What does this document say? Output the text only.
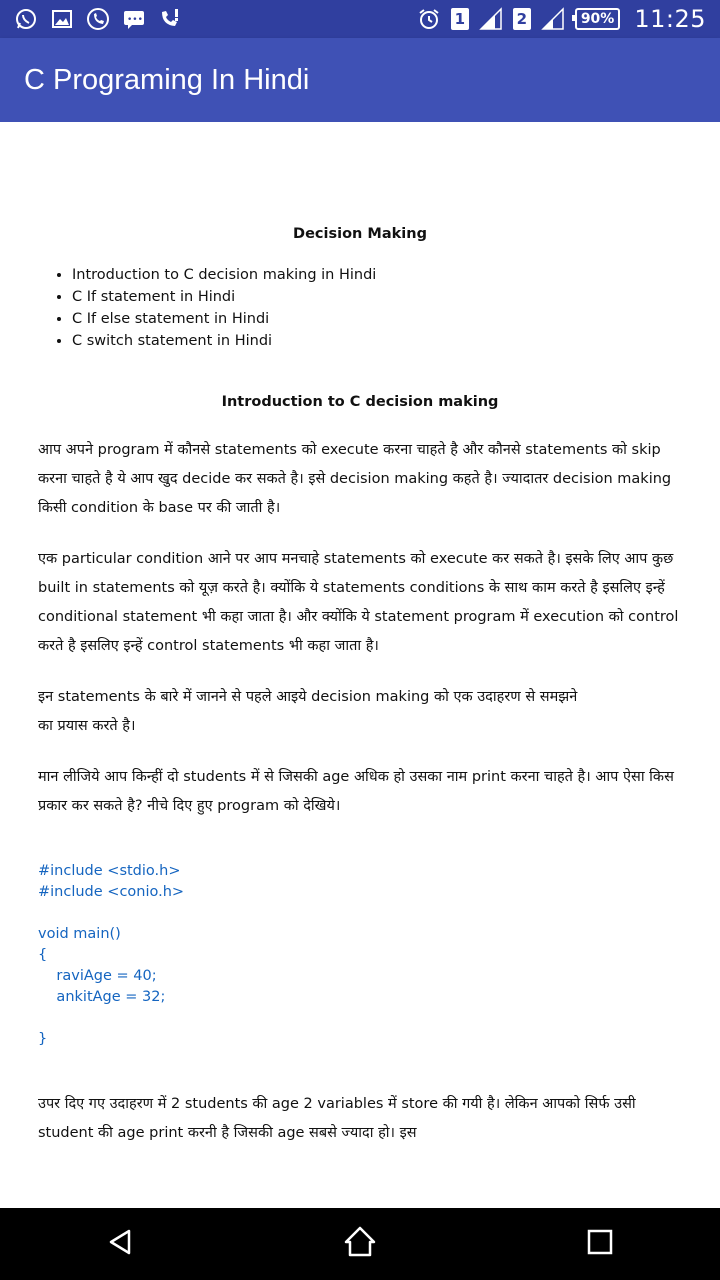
•••	1	2	90% 11:25
C Programing In Hindi
Decision Making
• Introduction to C decision making in Hindi
• C If statement in Hindi
• C If else statement in Hindi
• C switch statement in Hindi
Introduction to C decision making

आप अपने program में कौनसे statements को execute करना चाहते है और कौनसे statements को skip करना चाहते है ये आप खुद decide कर सकते है। इसे decision making कहते है। ज्यादातर decision making किसी condition के base पर की जाती है।

एक particular condition आने पर आप मनचाहे statements को execute कर सकते है। इसके लिए आप कुछ built in statements को यूज़ करते है। क्योंकि ये statements conditions के साथ काम करते है इसलिए इन्हें conditional statement भी कहा जाता है। और क्योंकि ये statement program में execution को control करते है इसलिए इन्हें control statements भी कहा जाता है।

इन statements के बारे में जानने से पहले आइये decision making को एक उदाहरण से समझने
का प्रयास करते है।

मान लीजिये आप किन्हीं दो students में से जिसकी age अधिक हो उसका नाम print करना चाहते है। आप ऐसा किस प्रकार कर सकते है? नीचे दिए हुए program को देखिये।

#include <stdio.h>
#include <conio.h>

void main()
{
raviAge = 40;
ankitAge = 32;

}

उपर दिए गए उदाहरण में 2 students की age 2 variables में store की गयी है। लेकिन आपको सिर्फ उसी student की age print करनी है जिसकी age सबसे ज्यादा हो। इस
